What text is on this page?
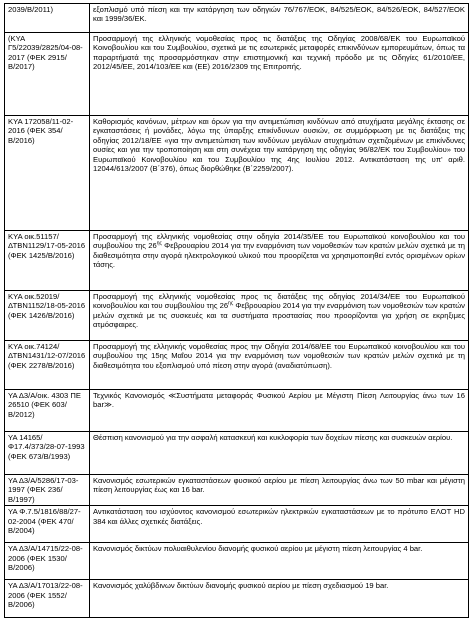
2039/B/2011)	εξοπλισμό υπό πίεση και την κατάργηση των οδηγιών 76/767/ΕΟΚ, 84/525/ΕΟΚ, 84/526/ΕΟΚ, 84/527/ΕΟΚ και 1999/36/ΕΚ.
(ΚΥΑ Γ5/22039/2825/04-08-2017 (ΦΕΚ 2915/Β/2017)	Προσαρμογή της ελληνικής νομοθεσίας προς τις διατάξεις της Οδηγίας 2008/68/ΕΚ του Ευρωπαϊκού Κοινοβουλίου και του Συμβουλίου, σχετικά με τις εσωτερικές μεταφορές επικινδύνων εμπορευμάτων, όπως τα παραρτήματά της προσαρμόστηκαν στην επιστημονική και τεχνική πρόοδο με τις Οδηγίες 61/2010/ΕΕ, 2012/45/ΕΕ, 2014/103/ΕΕ και (ΕΕ) 2016/2309 της Επιτροπής.
ΚΥΑ 172058/11-02-2016 (ΦΕΚ 354/Β/2016)	Καθορισμός κανόνων, μέτρων και όρων για την αντιμετώπιση κινδύνων από ατυχήματα μεγάλης έκτασης σε εγκαταστάσεις ή μονάδες, λόγω της ύπαρξης επικίνδυνων ουσιών, σε συμμόρφωση με τις διατάξεις της οδηγίας 2012/18/ΕΕ «για την αντιμετώπιση των κινδύνων μεγάλων ατυχημάτων σχετιζομένων με επικίνδυνες ουσίες και για την τροποποίηση και στη συνέχεια την κατάργηση της οδηγίας 96/82/ΕΚ του Συμβουλίου» του Ευρωπαϊκού Κοινοβουλίου και του Συμβουλίου της 4ης Ιουλίου 2012. Αντικατάσταση της υπ' αριθ. 12044/613/2007 (Β΄376), όπως διορθώθηκε (Β΄2259/2007).
ΚΥΑ οικ.51157/ΔΤΒΝ1129/17-05-2016 (ΦΕΚ 1425/Β/2016)	Προσαρμογή της ελληνικής νομοθεσίας στην οδηγία 2014/35/ΕΕ του Ευρωπαϊκού κοινοβουλίου και του συμβουλίου της $26^{\eta\varsigma}$ Φεβρουαρίου 2014 για την εναρμόνιση των νομοθεσιών των κρατών μελών σχετικά με τη διαθεσιμότητα στην αγορά ηλεκτρολογικού υλικού που προορίζεται να χρησιμοποιηθεί εντός ορισμένων ορίων τάσης.
ΚΥΑ οικ.52019/ΔΤΒΝ1152/18-05-2016 (ΦΕΚ 1426/Β/2016)	Προσαρμογή της ελληνικής νομοθεσίας προς τις διατάξεις της οδηγίας 2014/34/ΕΕ του Ευρωπαϊκού κοινοβουλίου και του συμβουλίου της $26^{\eta\varsigma}$ Φεβρουαρίου 2014 για την εναρμόνιση των νομοθεσιών των κρατών μελών σχετικά με τις συσκευές και τα συστήματα προστασίας που προορίζονται για χρήση σε εκρηξιμες ατμόσφαιρες.
ΚΥΑ οικ.74124/ΔΤΒΝ1431/12-07/2016 (ΦΕΚ 2278/Β/2016)	Προσαρμογή της ελληνικής νομοθεσίας προς την Οδηγία 2014/68/ΕΕ του Ευρωπαϊκού κοινοβουλίου και του συμβουλίου της 15ης Μαΐου 2014 για την εναρμόνιση των νομοθεσιών των κρατών μελών σχετικά με τη διαθεσιμότητα του εξοπλισμού υπό πίεση στην αγορά (αναδιατύπωση).
ΥΑ Δ3/Α/οικ. 4303 ΠΕ 26510 (ΦΕΚ 603/Β/2012)	Τεχνικός Κανονισμός ≪Συστήματα μεταφοράς Φυσικού Αερίου με Μέγιστη Πίεση Λειτουργίας άνω των 16 bar≫.
ΥΑ 14165/Φ17.4/373/28-07-1993 (ΦΕΚ 673/Β/1993)	Θέσπιση κανονισμού για την ασφαλή κατασκευή και κυκλοφορία των δοχείων πίεσης και συσκευών αερίου.
ΥΑ Δ3/Α/5286/17-03-1997 (ΦΕΚ 236/Β/1997)	Κανονισμός εσωτερικών εγκαταστάσεων φυσικού αερίου με πίεση λειτουργίας άνω των 50 mbar και μέγιστη πίεση λειτουργίας έως και 16 bar.
ΥΑ Φ.7.5/1816/88/27-02-2004 (ΦΕΚ 470/Β/2004)	Αντικατάσταση του ισχύοντος κανονισμού εσωτερικών ηλεκτρικών εγκαταστάσεων με το πρότυπο ΕΛΟΤ HD 384 και άλλες σχετικές διατάξεις.
ΥΑ Δ3/Α/14715/22-08-2006 (ΦΕΚ 1530/Β/2006)	Κανονισμός δικτύων πολυαιθυλενίου διανομής φυσικού αερίου με μέγιστη πίεση λειτουργίας 4 bar.
ΥΑ Δ3/Α/17013/22-08-2006 (ΦΕΚ 1552/Β/2006)	Κανονισμός χαλύβδινων δικτύων διανομής φυσικού αερίου με πίεση σχεδιασμού 19 bar.
